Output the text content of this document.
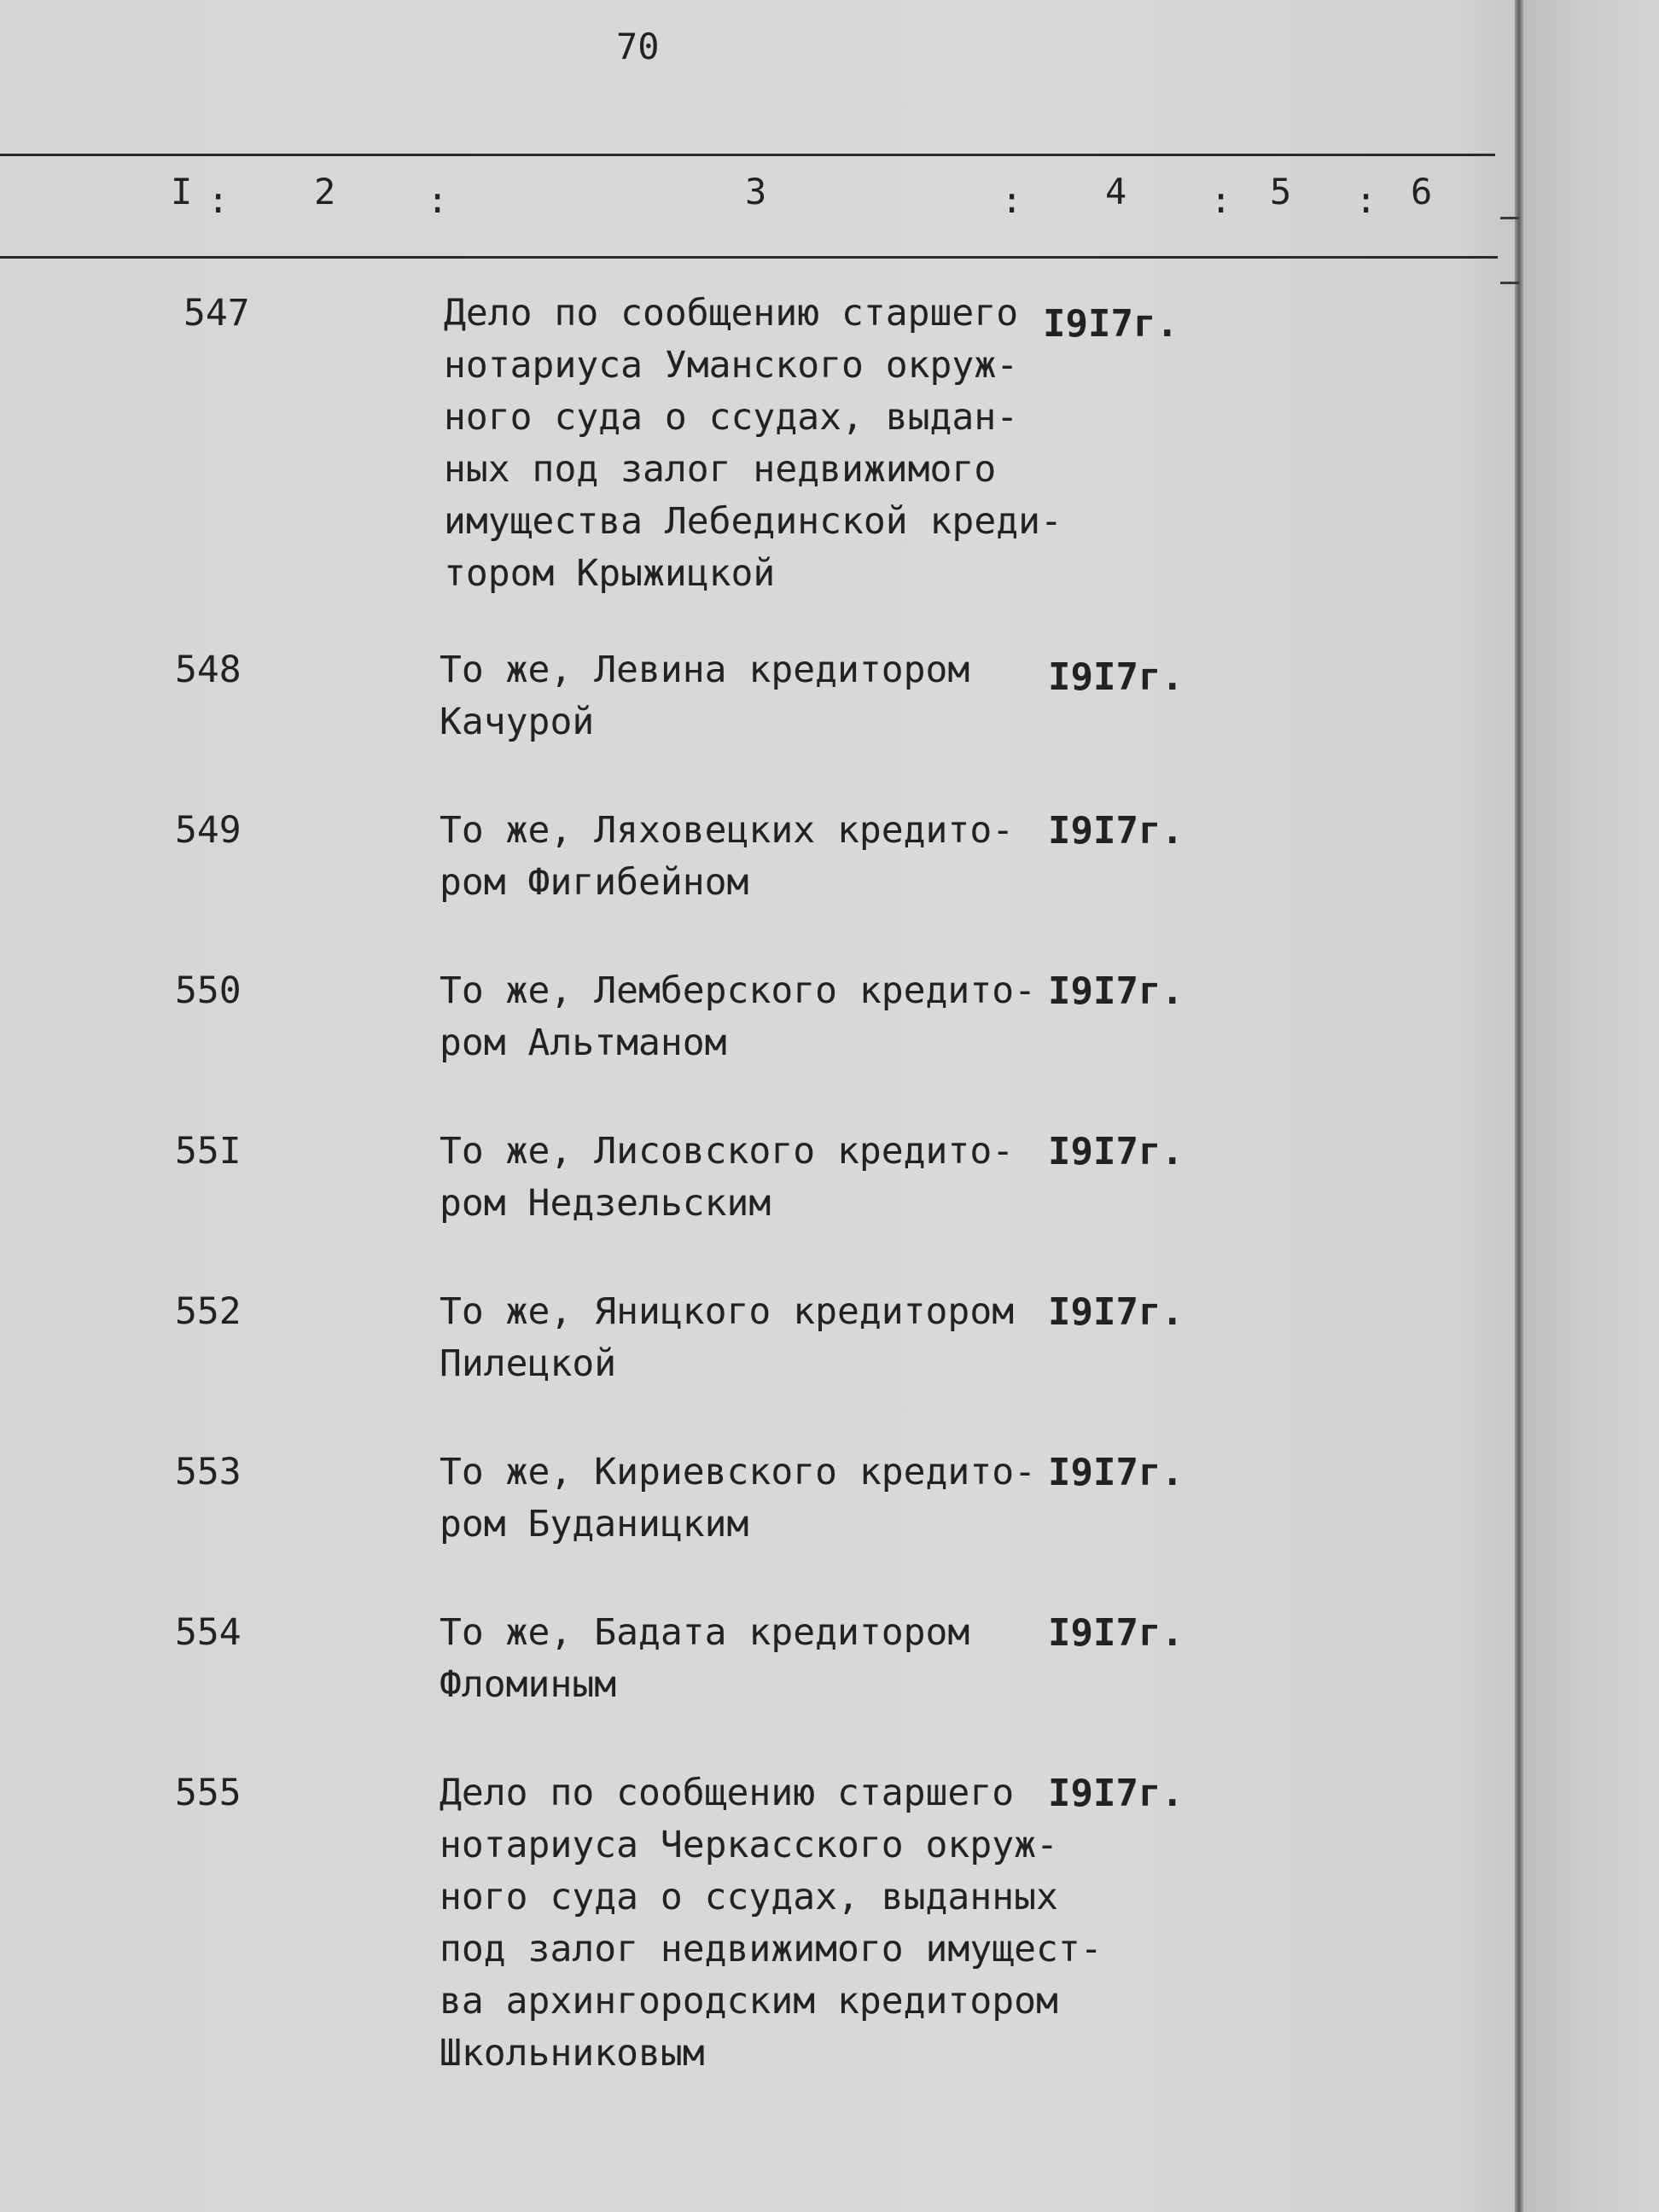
70
I : 2	:	3	: 4 : 5 : 6
547	Дело по сообщению старшего
нотариуса Уманского окруж-
ного суда о ссудах, выдан-
ных под залог недвижимого
имущества Лебединской креди-
тором Крыжицкой
I9I7г.
548	То же, Левина кредитором
Качурой
I9I7г.
549	То же, Ляховецких кредито-
ром Фигибейном
I9I7г.
550	То же, Лемберского кредито-
ром Альтманом
I9I7г.
55I	То же, Лисовского кредито-
ром Недзельским
I9I7г.
552	То же, Яницкого кредитором
Пилецкой
I9I7г.
553	То же, Кириевского кредито-
ром Буданицким
I9I7г.
554	То же, Бадата кредитором
Фломиным
I9I7г.
555	Дело по сообщению старшего
нотариуса Черкасского окруж-
ного суда о ссудах, выданных
под залог недвижимого имущест-
ва архингородским кредитором
Школьниковым
I9I7г.
